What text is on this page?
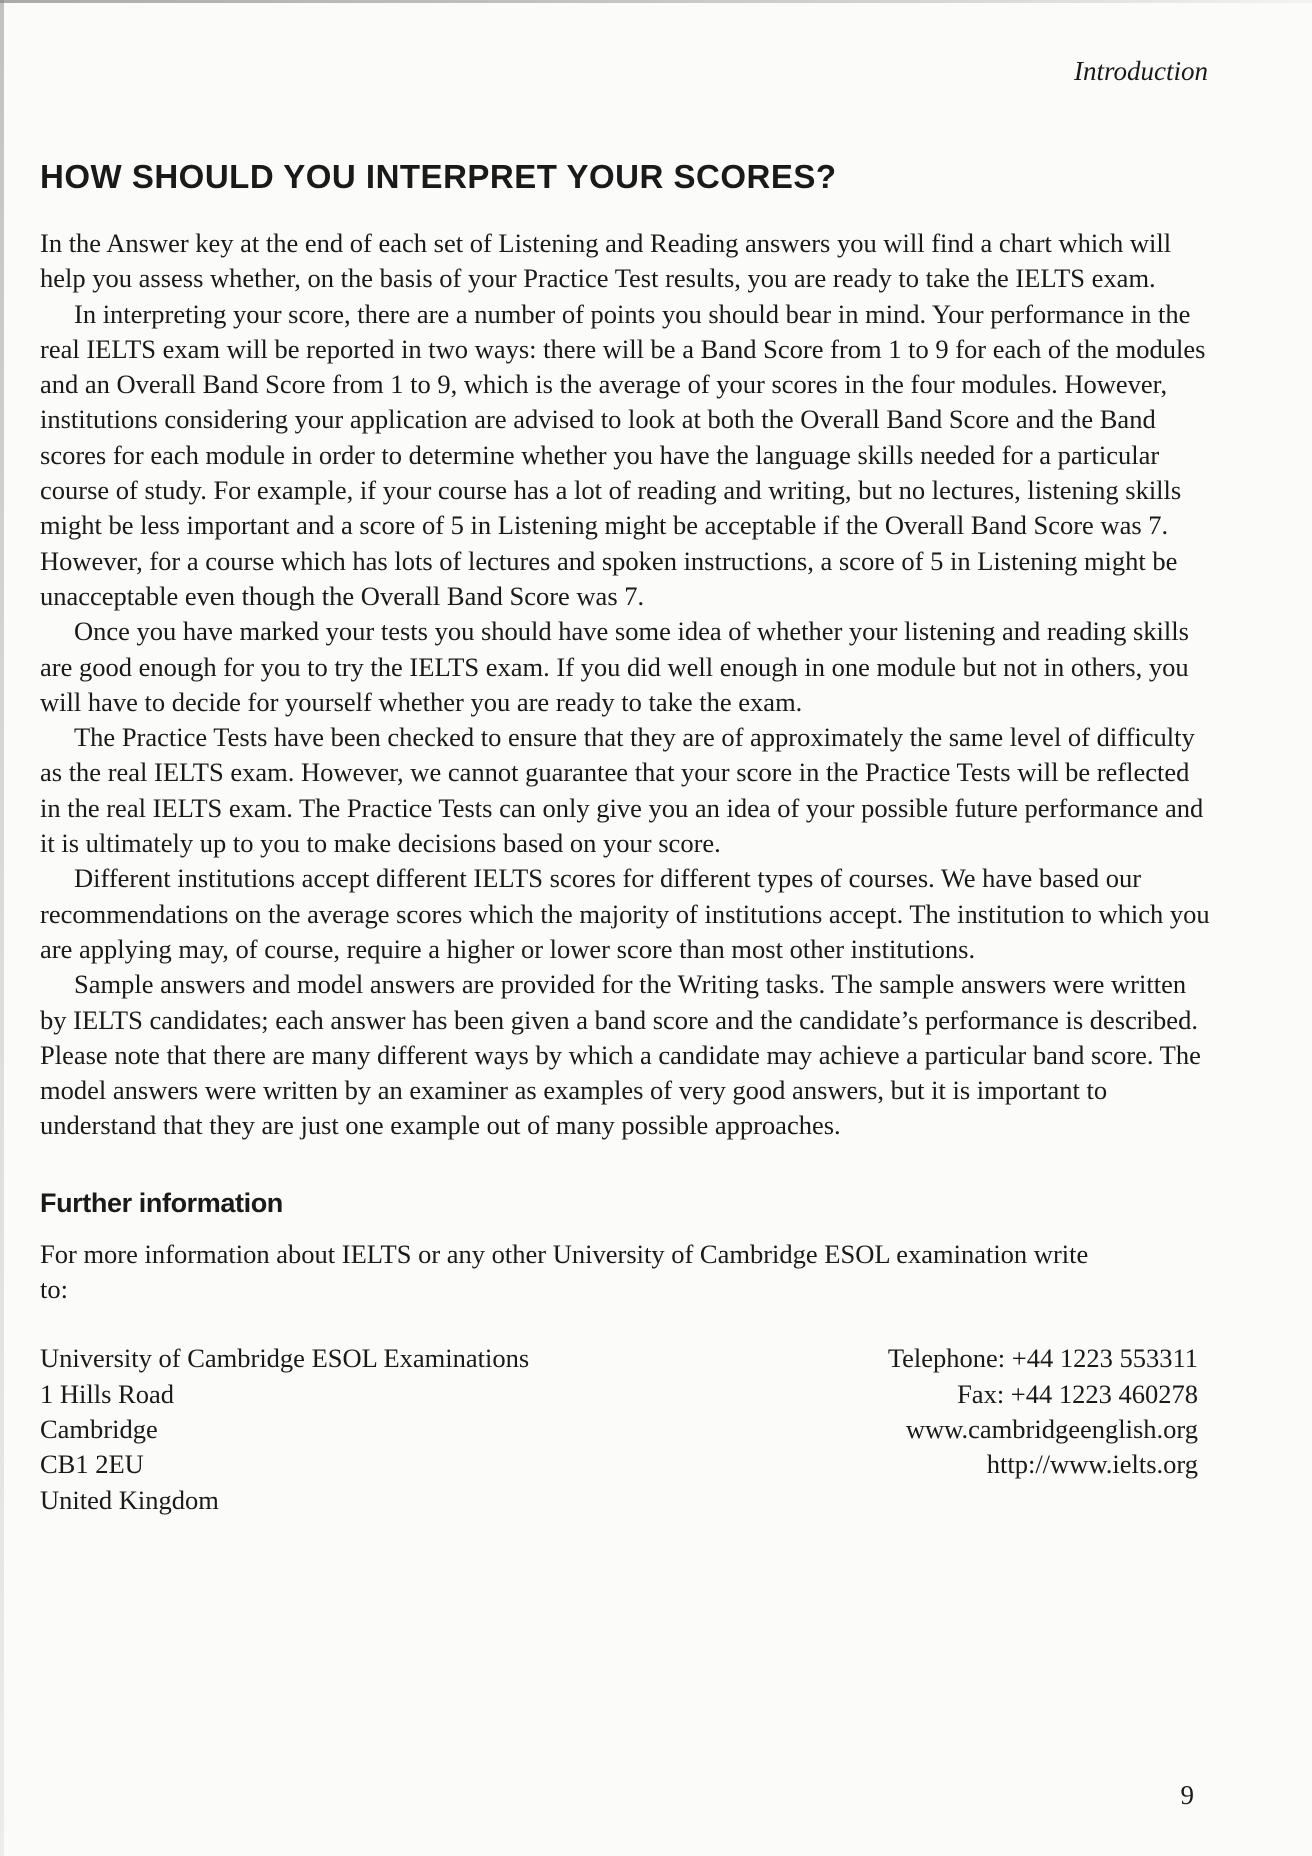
Introduction
HOW SHOULD YOU INTERPRET YOUR SCORES?

In the Answer key at the end of each set of Listening and Reading answers you will find a chart which will help you assess whether, on the basis of your Practice Test results, you are ready to take the IELTS exam.

In interpreting your score, there are a number of points you should bear in mind. Your performance in the real IELTS exam will be reported in two ways: there will be a Band Score from 1 to 9 for each of the modules and an Overall Band Score from 1 to 9, which is the average of your scores in the four modules. However, institutions considering your application are advised to look at both the Overall Band Score and the Band scores for each module in order to determine whether you have the language skills needed for a particular course of study. For example, if your course has a lot of reading and writing, but no lectures, listening skills might be less important and a score of 5 in Listening might be acceptable if the Overall Band Score was 7. However, for a course which has lots of lectures and spoken instructions, a score of 5 in Listening might be unacceptable even though the Overall Band Score was 7.

Once you have marked your tests you should have some idea of whether your listening and reading skills are good enough for you to try the IELTS exam. If you did well enough in one module but not in others, you will have to decide for yourself whether you are ready to take the exam.

The Practice Tests have been checked to ensure that they are of approximately the same level of difficulty as the real IELTS exam. However, we cannot guarantee that your score in the Practice Tests will be reflected in the real IELTS exam. The Practice Tests can only give you an idea of your possible future performance and it is ultimately up to you to make decisions based on your score.

Different institutions accept different IELTS scores for different types of courses. We have based our recommendations on the average scores which the majority of institutions accept. The institution to which you are applying may, of course, require a higher or lower score than most other institutions.

Sample answers and model answers are provided for the Writing tasks. The sample answers were written by IELTS candidates; each answer has been given a band score and the candidate’s performance is described. Please note that there are many different ways by which a candidate may achieve a particular band score. The model answers were written by an examiner as examples of very good answers, but it is important to understand that they are just one example out of many possible approaches.

Further information

For more information about IELTS or any other University of Cambridge ESOL examination write to:

University of Cambridge ESOL Examinations
1 Hills Road
Cambridge
CB1 2EU
United Kingdom
Telephone: +44 1223 553311
Fax: +44 1223 460278
www.cambridgeenglish.org
http://www.ielts.org
9
